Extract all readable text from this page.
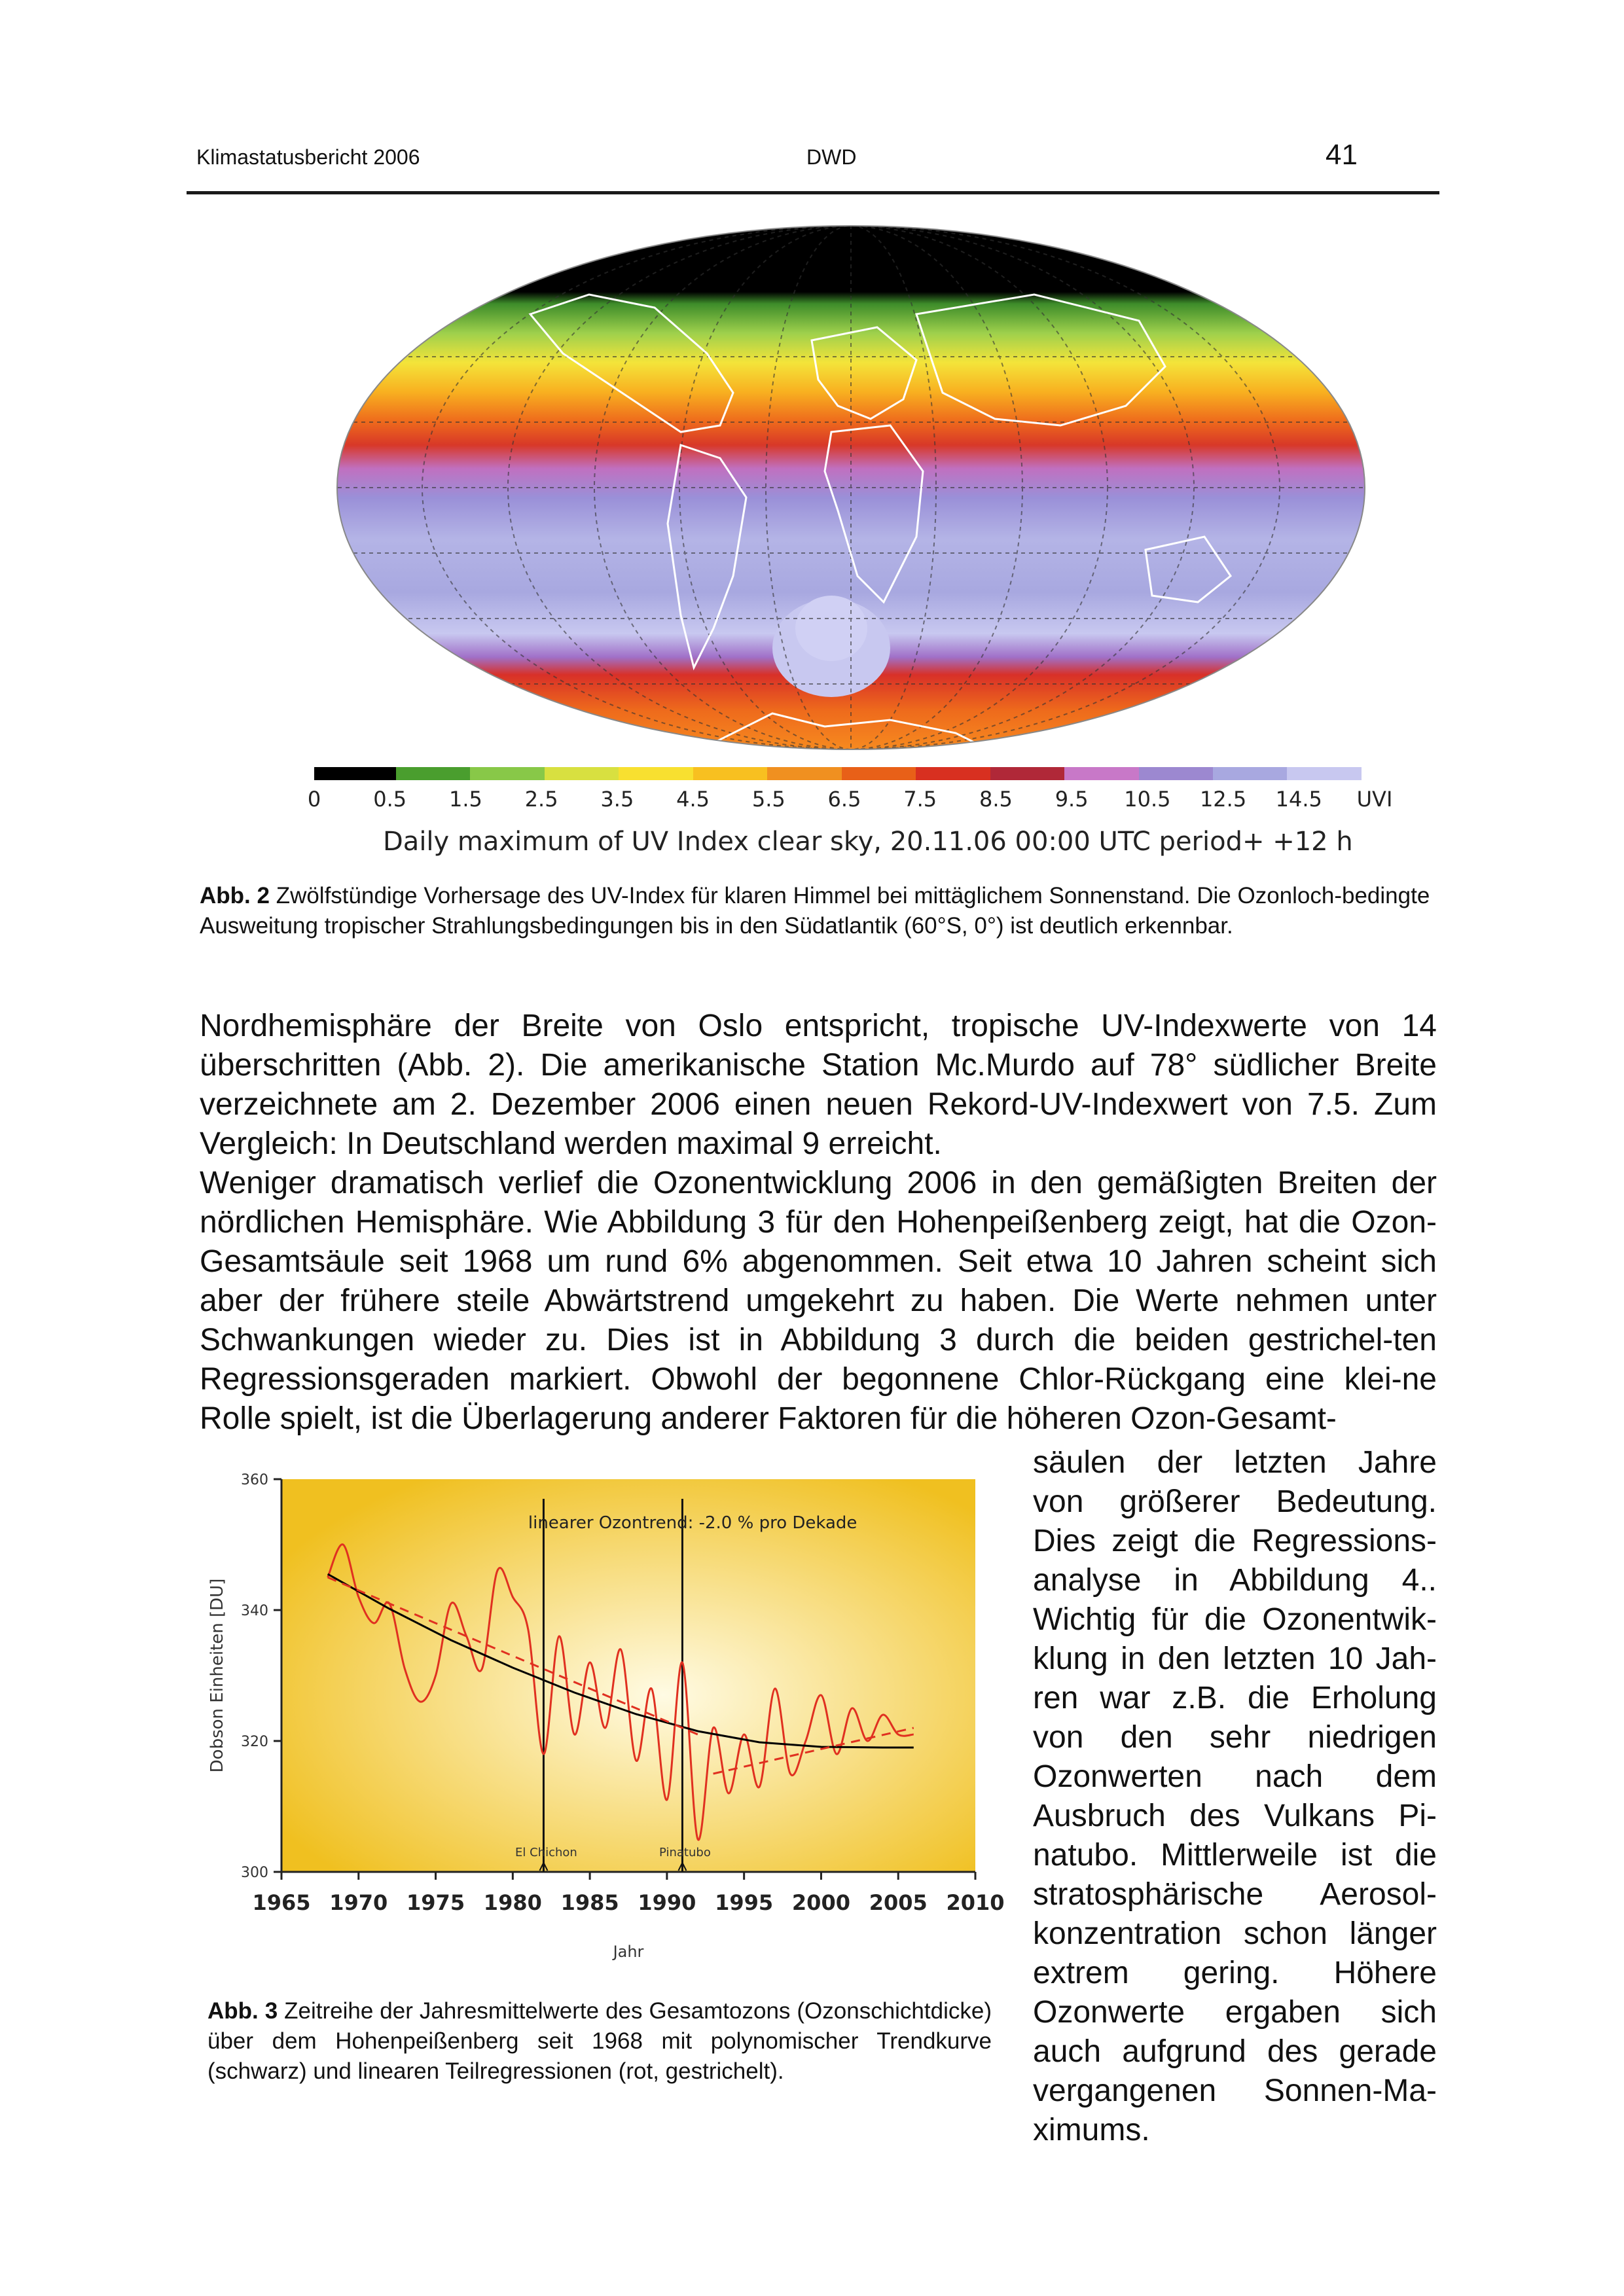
Klimastatusbericht 2006	DWD	41
0	0.5 1.5 2.5 3.5 4.5 5.5 6.5 7.5 8.5 9.5 10.5 12.5 14.5 UVI
Daily maximum of UV Index clear sky, 20.11.06 00:00 UTC period+ +12 h
Abb. 2 Zwölfstündige Vorhersage des UV-Index für klaren Himmel bei mittäglichem Sonnenstand. Die Ozonloch-bedingte Ausweitung tropischer Strahlungsbedingungen bis in den Südatlantik (60°S, 0°) ist deutlich erkennbar.

Nordhemisphäre der Breite von Oslo entspricht, tropische UV-Indexwerte von 14 überschritten (Abb. 2). Die amerikanische Station Mc.Murdo auf 78° südlicher Breite verzeichnete am 2. Dezember 2006 einen neuen Rekord-UV-Indexwert von 7.5. Zum Vergleich: In Deutschland werden maximal 9 erreicht.

Weniger dramatisch verlief die Ozonentwicklung 2006 in den gemäßigten Breiten der nördlichen Hemisphäre. Wie Abbildung 3 für den Hohenpeißenberg zeigt, hat die Ozon-Gesamtsäule seit 1968 um rund 6% abgenommen. Seit etwa 10 Jahren scheint sich aber der frühere steile Abwärtstrend umgekehrt zu haben. Die Werte nehmen unter Schwankungen wieder zu. Dies ist in Abbildung 3 durch die beiden gestrichel-ten Regressionsgeraden markiert. Obwohl der begonnene Chlor-Rückgang eine klei-ne Rolle spielt, ist die Überlagerung anderer Faktoren für die höheren Ozon-Gesamt-

säulen der letzten Jahre
von größerer Bedeutung.
Dies zeigt die Regressions-
analyse in Abbildung 4..
Wichtig für die Ozonentwik-
klung in den letzten 10 Jah-
ren war z.B. die Erholung
von den sehr niedrigen
Ozonwerten nach dem
Ausbruch des Vulkans Pi-
natubo. Mittlerweile ist die
stratosphärische Aerosol-
konzentration schon länger
extrem gering. Höhere
Ozonwerte ergaben sich
auch aufgrund des gerade
vergangenen Sonnen-Ma-
ximums.
300
320
340
360
1965 1970 1975 1980 1985 1990 1995 2000 2005 2010
Jahr
Dobson Einheiten [DU]
El Chichon	Pinatubo
linearer Ozontrend: -2.0 % pro Dekade
Abb. 3 Zeitreihe der Jahresmittelwerte des Gesamtozons (Ozonschichtdicke) über dem Hohenpeißenberg seit 1968 mit polynomischer Trendkurve (schwarz) und linearen Teilregressionen (rot, gestrichelt).
